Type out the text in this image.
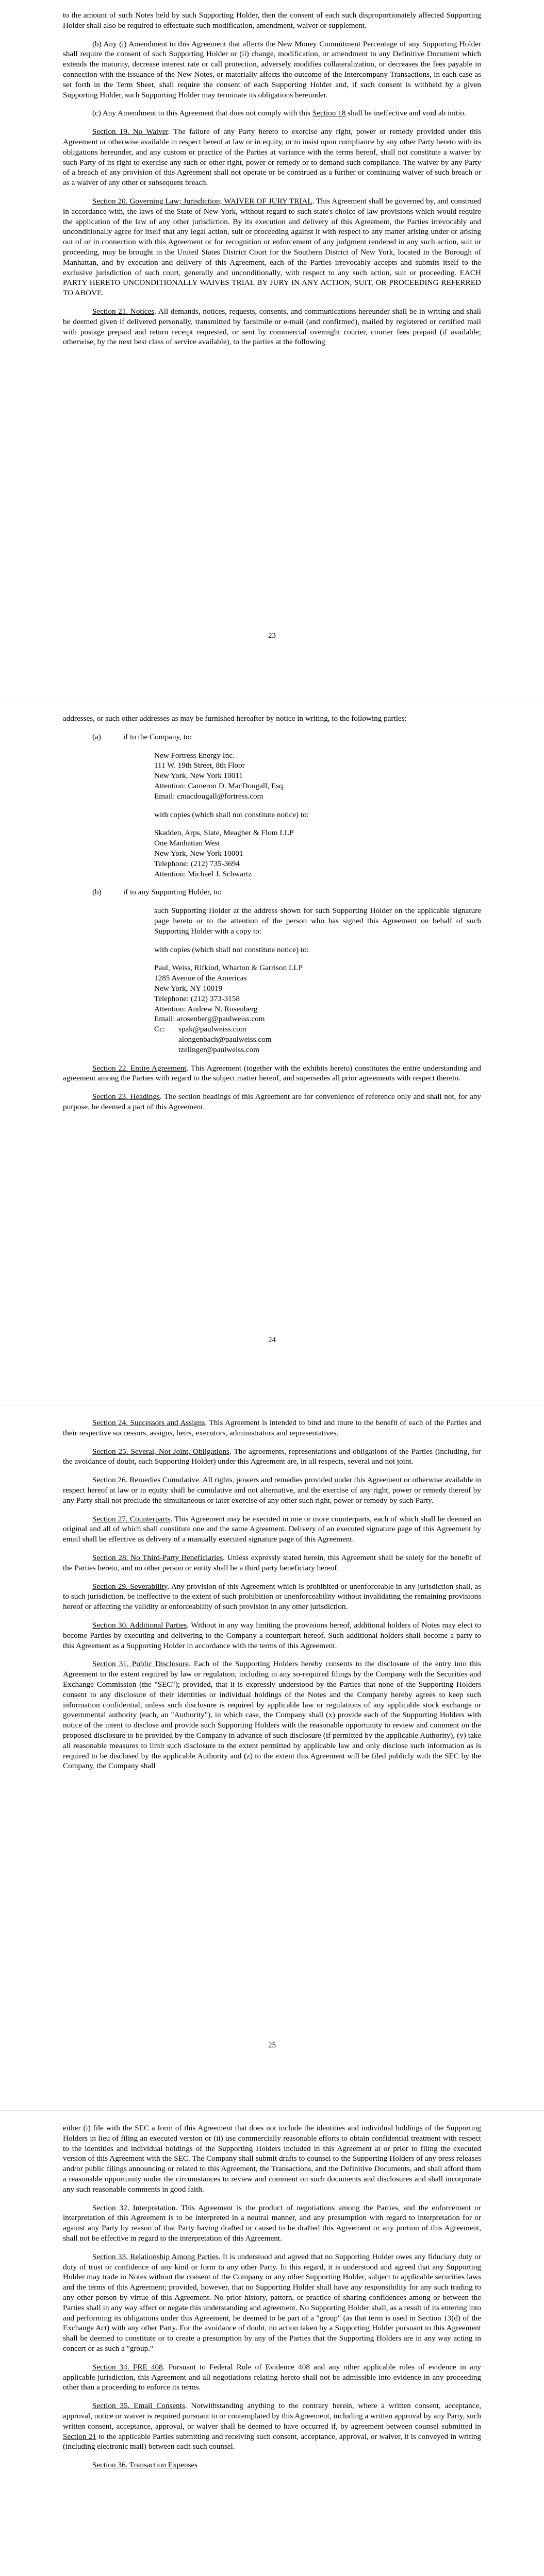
to the amount of such Notes held by such Supporting Holder, then the consent of each such disproportionately affected Supporting Holder shall also be required to effectuate such modification, amendment, waiver or supplement.

(b) Any (i) Amendment to this Agreement that affects the New Money Commitment Percentage of any Supporting Holder shall require the consent of such Supporting Holder or (ii) change, modification, or amendment to any Definitive Document which extends the maturity, decrease interest rate or call protection, adversely modifies collateralization, or decreases the fees payable in connection with the issuance of the New Notes, or materially affects the outcome of the Intercompany Transactions, in each case as set forth in the Term Sheet, shall require the consent of each Supporting Holder and, if such consent is withheld by a given Supporting Holder, such Supporting Holder may terminate its obligations hereunder.

(c) Any Amendment to this Agreement that does not comply with this Section 18 shall be ineffective and void ab initio.

Section 19. No Waiver. The failure of any Party hereto to exercise any right, power or remedy provided under this Agreement or otherwise available in respect hereof at law or in equity, or to insist upon compliance by any other Party hereto with its obligations hereunder, and any custom or practice of the Parties at variance with the terms hereof, shall not constitute a waiver by such Party of its right to exercise any such or other right, power or remedy or to demand such compliance. The waiver by any Party of a breach of any provision of this Agreement shall not operate or be construed as a further or continuing waiver of such breach or as a waiver of any other or subsequent breach.

Section 20. Governing Law; Jurisdiction; WAIVER OF JURY TRIAL. This Agreement shall be governed by, and construed in accordance with, the laws of the State of New York, without regard to such state's choice of law provisions which would require the application of the law of any other jurisdiction. By its execution and delivery of this Agreement, the Parties irrevocably and unconditionally agree for itself that any legal action, suit or proceeding against it with respect to any matter arising under or arising out of or in connection with this Agreement or for recognition or enforcement of any judgment rendered in any such action, suit or proceeding, may be brought in the United States District Court for the Southern District of New York, located in the Borough of Manhattan, and by execution and delivery of this Agreement, each of the Parties irrevocably accepts and submits itself to the exclusive jurisdiction of such court, generally and unconditionally, with respect to any such action, suit or proceeding. EACH PARTY HERETO UNCONDITIONALLY WAIVES TRIAL BY JURY IN ANY ACTION, SUIT, OR PROCEEDING REFERRED TO ABOVE.

Section 21. Notices. All demands, notices, requests, consents, and communications hereunder shall be in writing and shall be deemed given if delivered personally, transmitted by facsimile or e-mail (and confirmed), mailed by registered or certified mail with postage prepaid and return receipt requested, or sent by commercial overnight courier, courier fees prepaid (if available; otherwise, by the next best class of service available), to the parties at the following

23

addresses, or such other addresses as may be furnished hereafter by notice in writing, to the following parties:

(a)	if to the Company, to:
New Fortress Energy Inc.
111 W. 19th Street, 8th Floor
New York, New York 10011
Attention: Cameron D. MacDougall, Esq.
Email: cmacdougall@fortress.com
with copies (which shall not constitute notice) to:
Skadden, Arps, Slate, Meagher & Flom LLP
One Manhattan West
New York, New York 10001
Telephone: (212) 735-3694
Attention: Michael J. Schwartz
(b)	if to any Supporting Holder, to:

such Supporting Holder at the address shown for such Supporting Holder on the applicable signature page hereto or to the attention of the person who has signed this Agreement on behalf of such Supporting Holder with a copy to:

with copies (which shall not constitute notice) to:
Paul, Weiss, Rifkind, Wharton & Garrison LLP
1285 Avenue of the Americas
New York, NY 10019
Telephone: (212) 373-3158
Attention: Andrew N. Rosenberg
Email: arosenberg@paulweiss.com
Cc:	spak@paulweiss.com
alongenbach@paulweiss.com
tzelinger@paulweiss.com

Section 22. Entire Agreement. This Agreement (together with the exhibits hereto) constitutes the entire understanding and agreement among the Parties with regard to the subject matter hereof, and supersedes all prior agreements with respect thereto.

Section 23. Headings. The section headings of this Agreement are for convenience of reference only and shall not, for any purpose, be deemed a part of this Agreement.

24

Section 24. Successors and Assigns. This Agreement is intended to bind and inure to the benefit of each of the Parties and their respective successors, assigns, heirs, executors, administrators and representatives.

Section 25. Several, Not Joint, Obligations. The agreements, representations and obligations of the Parties (including, for the avoidance of doubt, each Supporting Holder) under this Agreement are, in all respects, several and not joint.

Section 26. Remedies Cumulative. All rights, powers and remedies provided under this Agreement or otherwise available in respect hereof at law or in equity shall be cumulative and not alternative, and the exercise of any right, power or remedy thereof by any Party shall not preclude the simultaneous or later exercise of any other such right, power or remedy by such Party.

Section 27. Counterparts. This Agreement may be executed in one or more counterparts, each of which shall be deemed an original and all of which shall constitute one and the same Agreement. Delivery of an executed signature page of this Agreement by email shall be effective as delivery of a manually executed signature page of this Agreement.

Section 28. No Third-Party Beneficiaries. Unless expressly stated herein, this Agreement shall be solely for the benefit of the Parties hereto, and no other person or entity shall be a third party beneficiary hereof.

Section 29. Severability. Any provision of this Agreement which is prohibited or unenforceable in any jurisdiction shall, as to such jurisdiction, be ineffective to the extent of such prohibition or unenforceability without invalidating the remaining provisions hereof or affecting the validity or enforceability of such provision in any other jurisdiction.

Section 30. Additional Parties. Without in any way limiting the provisions hereof, additional holders of Notes may elect to become Parties by executing and delivering to the Company a counterpart hereof. Such additional holders shall become a party to this Agreement as a Supporting Holder in accordance with the terms of this Agreement.

Section 31. Public Disclosure. Each of the Supporting Holders hereby consents to the disclosure of the entry into this Agreement to the extent required by law or regulation, including in any so-required filings by the Company with the Securities and Exchange Commission (the "SEC"); provided, that it is expressly understood by the Parties that none of the Supporting Holders consent to any disclosure of their identities or individual holdings of the Notes and the Company hereby agrees to keep such information confidential, unless such disclosure is required by applicable law or regulations of any applicable stock exchange or governmental authority (each, an "Authority"), in which case, the Company shall (x) provide each of the Supporting Holders with notice of the intent to disclose and provide such Supporting Holders with the reasonable opportunity to review and comment on the proposed disclosure to be provided by the Company in advance of such disclosure (if permitted by the applicable Authority), (y) take all reasonable measures to limit such disclosure to the extent permitted by applicable law and only disclose such information as is required to be disclosed by the applicable Authority and (z) to the extent this Agreement will be filed publicly with the SEC by the Company, the Company shall

25

either (i) file with the SEC a form of this Agreement that does not include the identities and individual holdings of the Supporting Holders in lieu of filing an executed version or (ii) use commercially reasonable efforts to obtain confidential treatment with respect to the identities and individual holdings of the Supporting Holders included in this Agreement at or prior to filing the executed version of this Agreement with the SEC. The Company shall submit drafts to counsel to the Supporting Holders of any press releases and/or public filings announcing or related to this Agreement, the Transactions, and the Definitive Documents, and shall afford them a reasonable opportunity under the circumstances to review and comment on such documents and disclosures and shall incorporate any such reasonable comments in good faith.

Section 32. Interpretation. This Agreement is the product of negotiations among the Parties, and the enforcement or interpretation of this Agreement is to be interpreted in a neutral manner, and any presumption with regard to interpretation for or against any Party by reason of that Party having drafted or caused to be drafted this Agreement or any portion of this Agreement, shall not be effective in regard to the interpretation of this Agreement.

Section 33. Relationship Among Parties. It is understood and agreed that no Supporting Holder owes any fiduciary duty or duty of trust or confidence of any kind or form to any other Party. In this regard, it is understood and agreed that any Supporting Holder may trade in Notes without the consent of the Company or any other Supporting Holder, subject to applicable securities laws and the terms of this Agreement; provided, however, that no Supporting Holder shall have any responsibility for any such trading to any other person by virtue of this Agreement. No prior history, pattern, or practice of sharing confidences among or between the Parties shall in any way affect or negate this understanding and agreement. No Supporting Holder shall, as a result of its entering into and performing its obligations under this Agreement, be deemed to be part of a "group" (as that term is used in Section 13(d) of the Exchange Act) with any other Party. For the avoidance of doubt, no action taken by a Supporting Holder pursuant to this Agreement shall be deemed to constitute or to create a presumption by any of the Parties that the Supporting Holders are in any way acting in concert or as such a "group."

Section 34. FRE 408. Pursuant to Federal Rule of Evidence 408 and any other applicable rules of evidence in any applicable jurisdiction, this Agreement and all negotiations relating hereto shall not be admissible into evidence in any proceeding other than a proceeding to enforce its terms.

Section 35. Email Consents. Notwithstanding anything to the contrary herein, where a written consent, acceptance, approval, notice or waiver is required pursuant to or contemplated by this Agreement, including a written approval by any Party, such written consent, acceptance, approval, or waiver shall be deemed to have occurred if, by agreement between counsel submitted in Section 21 to the applicable Parties submitting and receiving such consent, acceptance, approval, or waiver, it is conveyed in writing (including electronic mail) between each such counsel.

Section 36. Transaction Expenses
